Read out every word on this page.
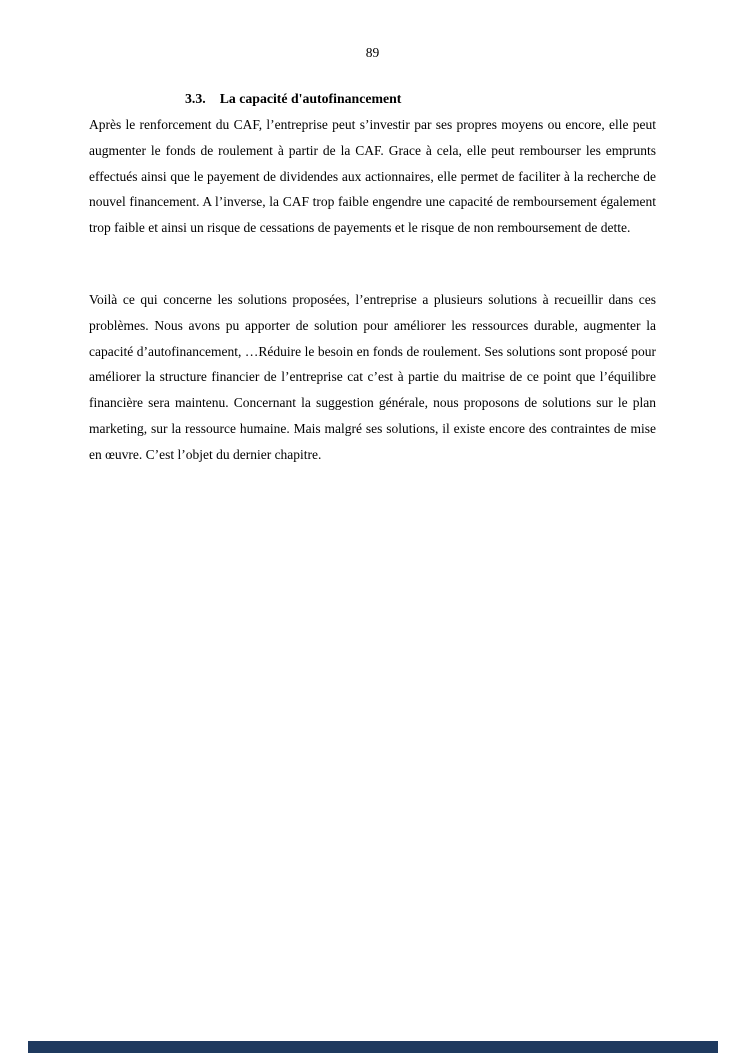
89
3.3. La capacité d'autofinancement

Après le renforcement du CAF, l’entreprise peut s’investir par ses propres moyens ou encore, elle peut augmenter le fonds de roulement à partir de la CAF. Grace à cela, elle peut rembourser les emprunts effectués ainsi que le payement de dividendes aux actionnaires, elle permet de faciliter à la recherche de nouvel financement. A l’inverse, la CAF trop faible engendre une capacité de remboursement également trop faible et ainsi un risque de cessations de payements et le risque de non remboursement de dette.

Voilà ce qui concerne les solutions proposées, l’entreprise a plusieurs solutions à recueillir dans ces problèmes. Nous avons pu apporter de solution pour améliorer les ressources durable, augmenter la capacité d’autofinancement, …Réduire le besoin en fonds de roulement. Ses solutions sont proposé pour améliorer la structure financier de l’entreprise cat c’est à partie du maitrise de ce point que l’équilibre financière sera maintenu. Concernant la suggestion générale, nous proposons de solutions sur le plan marketing, sur la ressource humaine. Mais malgré ses solutions, il existe encore des contraintes de mise en œuvre. C’est l’objet du dernier chapitre.
